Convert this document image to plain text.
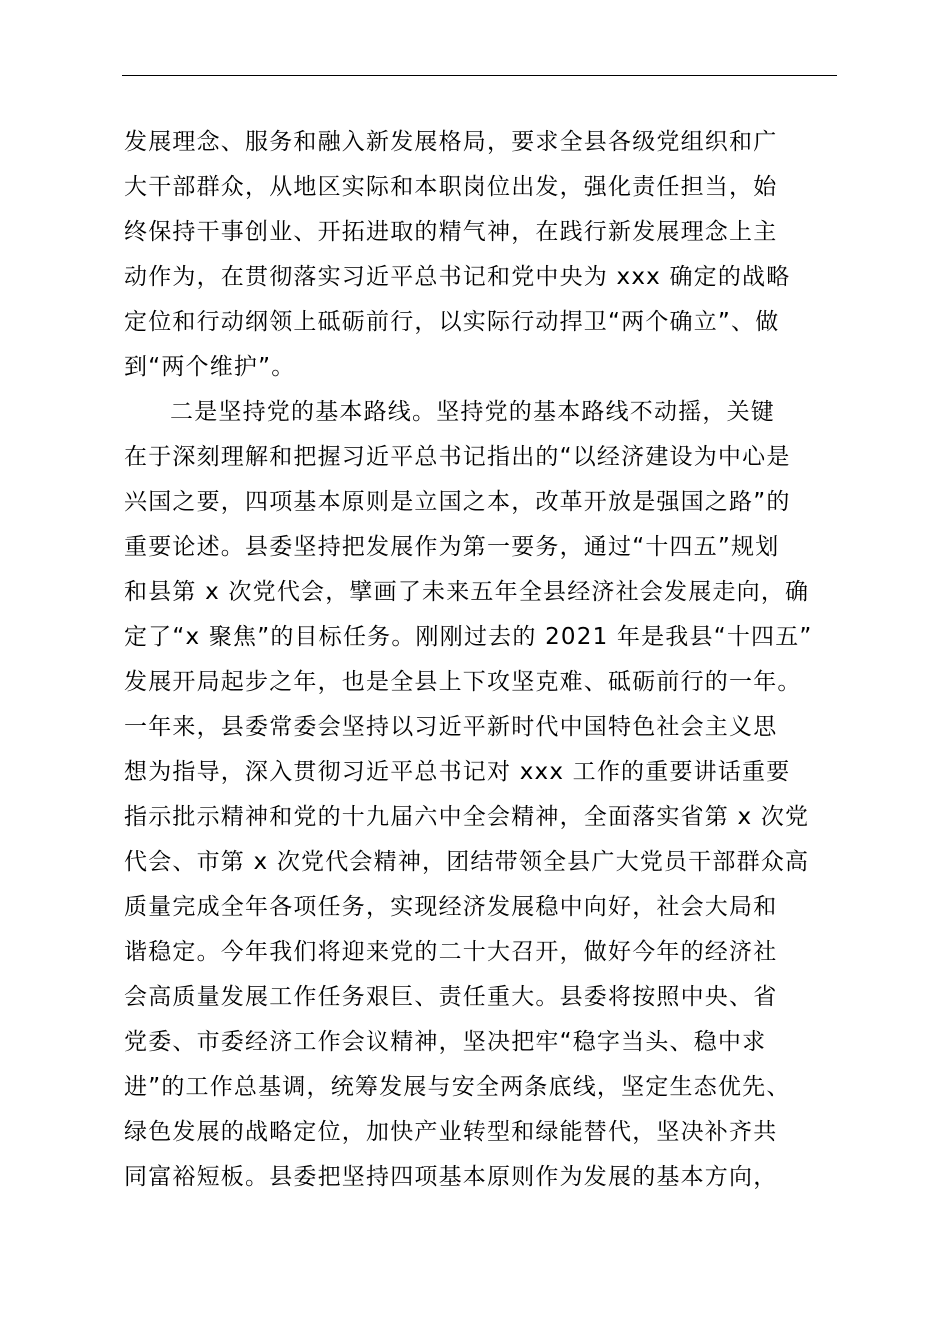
发展理念、服务和融入新发展格局，要求全县各级党组织和广
大干部群众，从地区实际和本职岗位出发，强化责任担当，始
终保持干事创业、开拓进取的精气神，在践行新发展理念上主
动作为，在贯彻落实习近平总书记和党中央为 xxx 确定的战略
定位和行动纲领上砥砺前行，以实际行动捍卫“两个确立”、做
到“两个维护”。
二是坚持党的基本路线。坚持党的基本路线不动摇，关键
在于深刻理解和把握习近平总书记指出的“以经济建设为中心是
兴国之要，四项基本原则是立国之本，改革开放是强国之路”的
重要论述。县委坚持把发展作为第一要务，通过“十四五”规划
和县第 x 次党代会，擘画了未来五年全县经济社会发展走向，确
定了“x 聚焦”的目标任务。刚刚过去的 2021 年是我县“十四五”
发展开局起步之年，也是全县上下攻坚克难、砥砺前行的一年。
一年来，县委常委会坚持以习近平新时代中国特色社会主义思
想为指导，深入贯彻习近平总书记对 xxx 工作的重要讲话重要
指示批示精神和党的十九届六中全会精神，全面落实省第 x 次党
代会、市第 x 次党代会精神，团结带领全县广大党员干部群众高
质量完成全年各项任务，实现经济发展稳中向好，社会大局和
谐稳定。今年我们将迎来党的二十大召开，做好今年的经济社
会高质量发展工作任务艰巨、责任重大。县委将按照中央、省
党委、市委经济工作会议精神，坚决把牢“稳字当头、稳中求
进”的工作总基调，统筹发展与安全两条底线，坚定生态优先、
绿色发展的战略定位，加快产业转型和绿能替代，坚决补齐共
同富裕短板。县委把坚持四项基本原则作为发展的基本方向，
